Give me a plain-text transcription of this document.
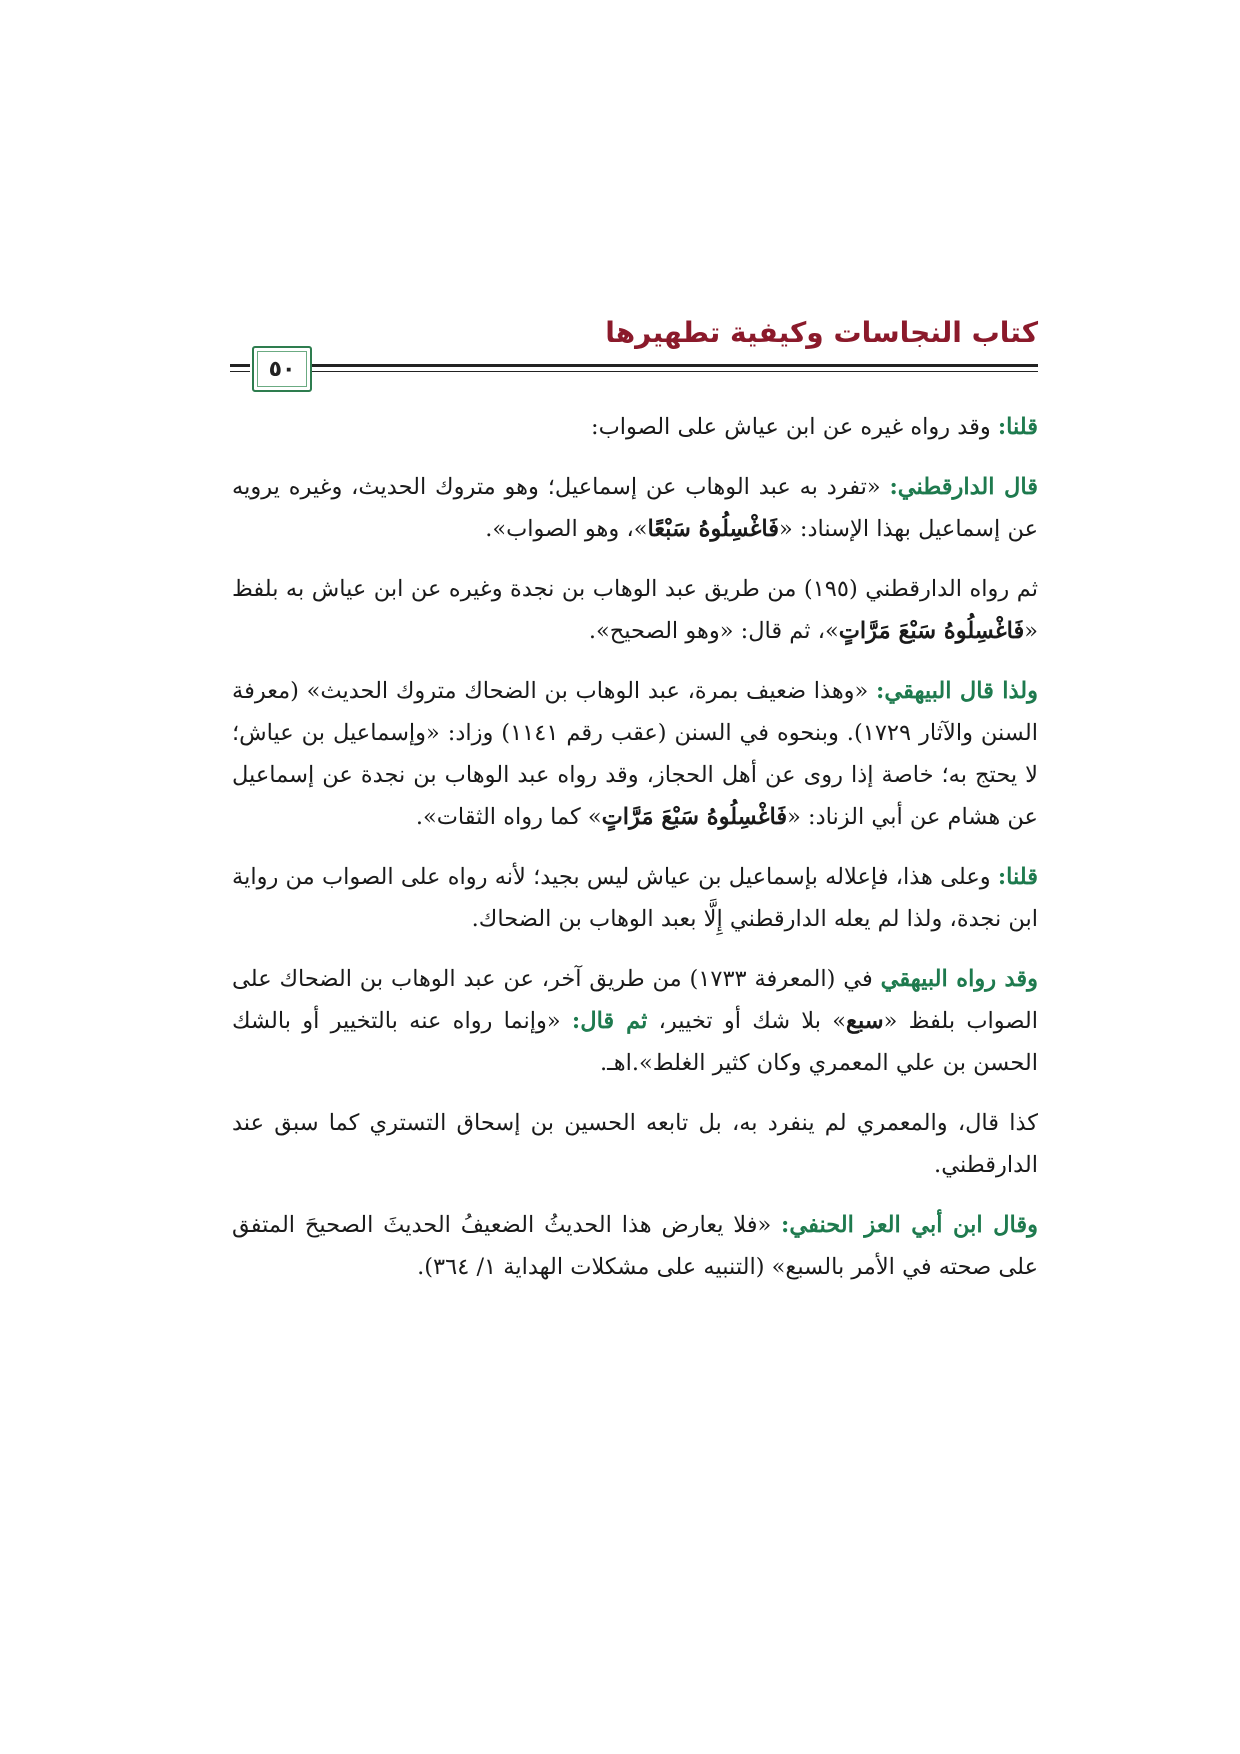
كتاب النجاسات وكيفية تطهيرها
٥٠

قلنا: وقد رواه غيره عن ابن عياش على الصواب:

قال الدارقطني: «تفرد به عبد الوهاب عن إسماعيل؛ وهو متروك الحديث، وغيره يرويه عن إسماعيل بهذا الإسناد: «فَاغْسِلُوهُ سَبْعًا»، وهو الصواب».

ثم رواه الدارقطني (١٩٥) من طريق عبد الوهاب بن نجدة وغيره عن ابن عياش به بلفظ «فَاغْسِلُوهُ سَبْعَ مَرَّاتٍ»، ثم قال: «وهو الصحيح».

ولذا قال البيهقي: «وهذا ضعيف بمرة، عبد الوهاب بن الضحاك متروك الحديث» (معرفة السنن والآثار ١٧٢٩). وبنحوه في السنن (عقب رقم ١١٤١) وزاد: «وإسماعيل بن عياش؛ لا يحتج به؛ خاصة إذا روى عن أهل الحجاز، وقد رواه عبد الوهاب بن نجدة عن إسماعيل عن هشام عن أبي الزناد: «فَاغْسِلُوهُ سَبْعَ مَرَّاتٍ» كما رواه الثقات».

قلنا: وعلى هذا، فإعلاله بإسماعيل بن عياش ليس بجيد؛ لأنه رواه على الصواب من رواية ابن نجدة، ولذا لم يعله الدارقطني إِلَّا بعبد الوهاب بن الضحاك.

وقد رواه البيهقي في (المعرفة ١٧٣٣) من طريق آخر، عن عبد الوهاب بن الضحاك على الصواب بلفظ «سبع» بلا شك أو تخيير، ثم قال: «وإنما رواه عنه بالتخيير أو بالشك الحسن بن علي المعمري وكان كثير الغلط».اهـ.

كذا قال، والمعمري لم ينفرد به، بل تابعه الحسين بن إسحاق التستري كما سبق عند الدارقطني.

وقال ابن أبي العز الحنفي: «فلا يعارض هذا الحديثُ الضعيفُ الحديثَ الصحيحَ المتفق على صحته في الأمر بالسبع» (التنبيه على مشكلات الهداية ١/ ٣٦٤).
